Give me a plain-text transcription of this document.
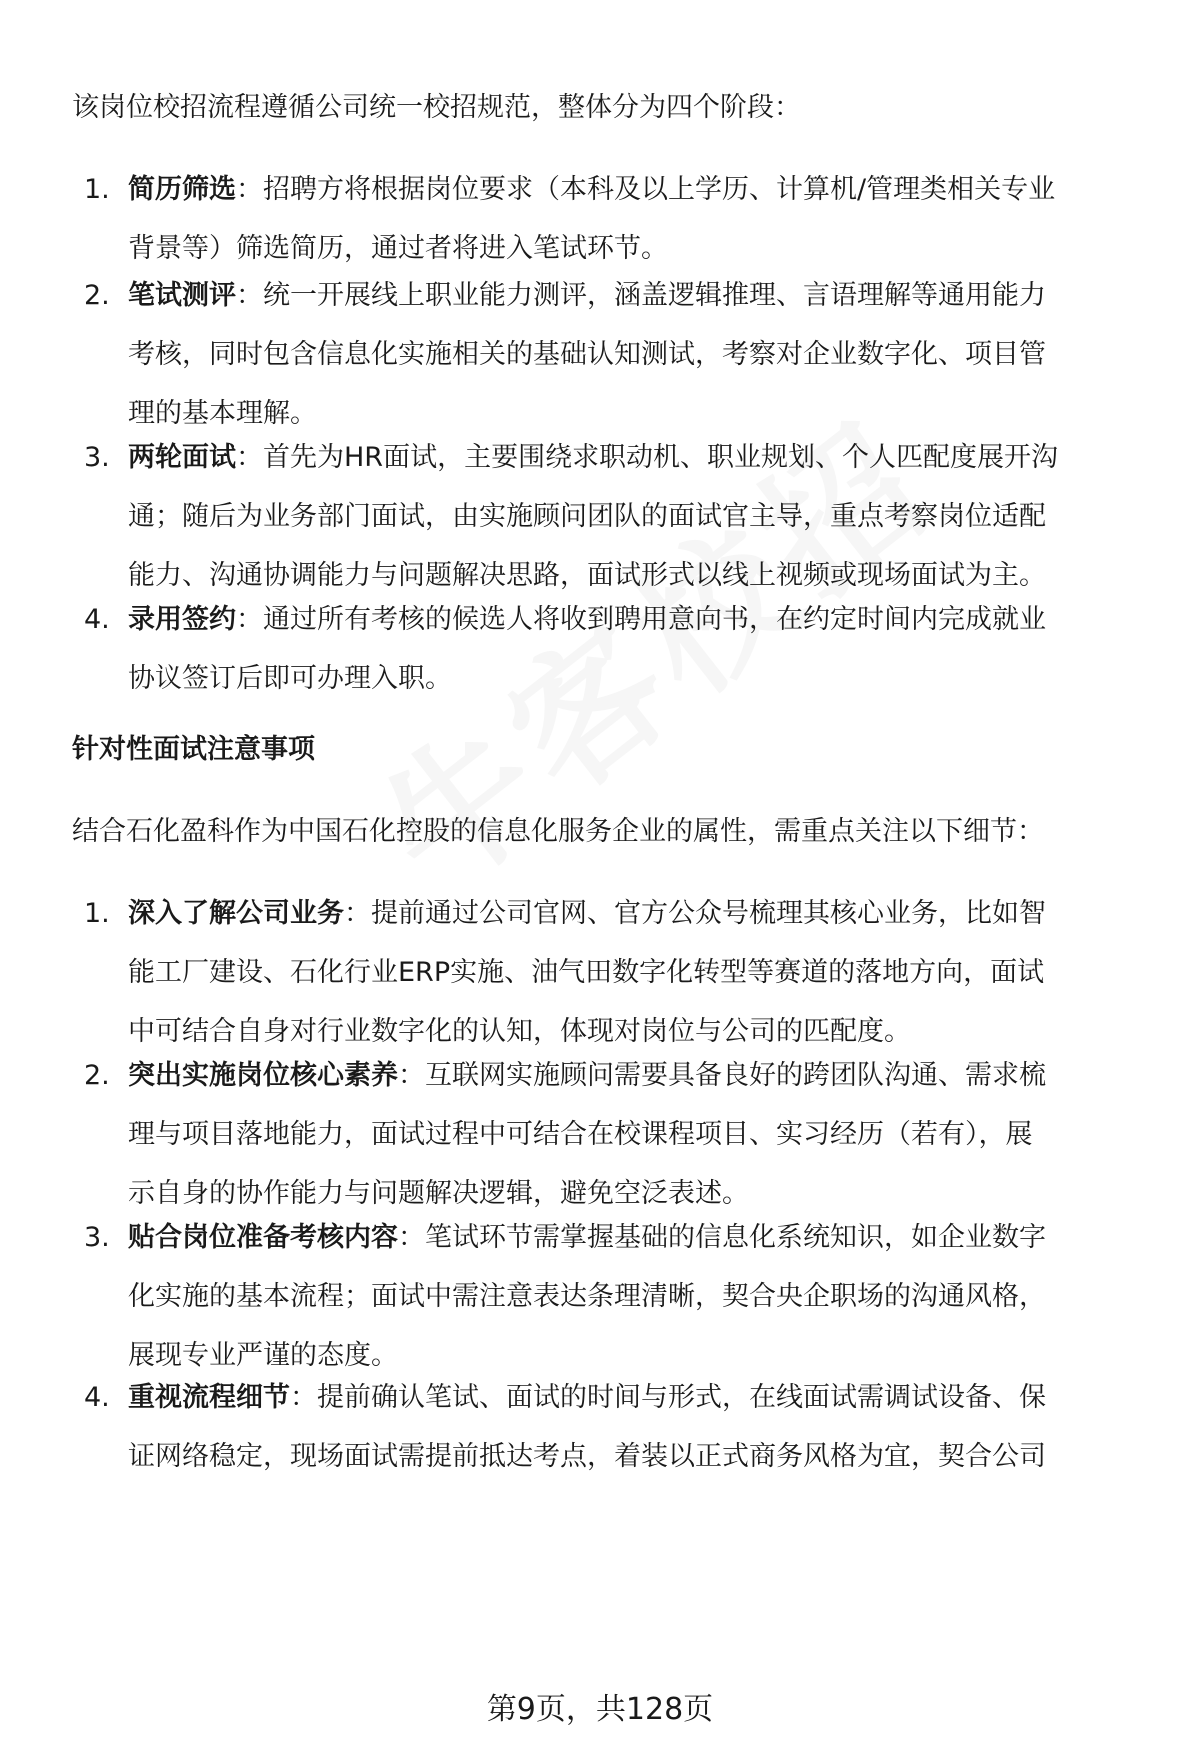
该岗位校招流程遵循公司统一校招规范，整体分为四个阶段：
1. 简历筛选：招聘方将根据岗位要求（本科及以上学历、计算机/管理类相关专业
背景等）筛选简历，通过者将进入笔试环节。
2. 笔试测评：统一开展线上职业能力测评，涵盖逻辑推理、言语理解等通用能力
考核，同时包含信息化实施相关的基础认知测试，考察对企业数字化、项目管
理的基本理解。
3. 两轮面试：首先为HR面试，主要围绕求职动机、职业规划、个人匹配度展开沟
通；随后为业务部门面试，由实施顾问团队的面试官主导，重点考察岗位适配
能力、沟通协调能力与问题解决思路，面试形式以线上视频或现场面试为主。
4. 录用签约：通过所有考核的候选人将收到聘用意向书，在约定时间内完成就业
协议签订后即可办理入职。
针对性面试注意事项
结合石化盈科作为中国石化控股的信息化服务企业的属性，需重点关注以下细节：
1. 深入了解公司业务：提前通过公司官网、官方公众号梳理其核心业务，比如智
能工厂建设、石化行业ERP实施、油气田数字化转型等赛道的落地方向，面试
中可结合自身对行业数字化的认知，体现对岗位与公司的匹配度。
2. 突出实施岗位核心素养：互联网实施顾问需要具备良好的跨团队沟通、需求梳
理与项目落地能力，面试过程中可结合在校课程项目、实习经历（若有），展
示自身的协作能力与问题解决逻辑，避免空泛表述。
3. 贴合岗位准备考核内容：笔试环节需掌握基础的信息化系统知识，如企业数字
化实施的基本流程；面试中需注意表达条理清晰，契合央企职场的沟通风格，
展现专业严谨的态度。
4. 重视流程细节：提前确认笔试、面试的时间与形式，在线面试需调试设备、保
证网络稳定，现场面试需提前抵达考点，着装以正式商务风格为宜，契合公司
第9页，共128页
